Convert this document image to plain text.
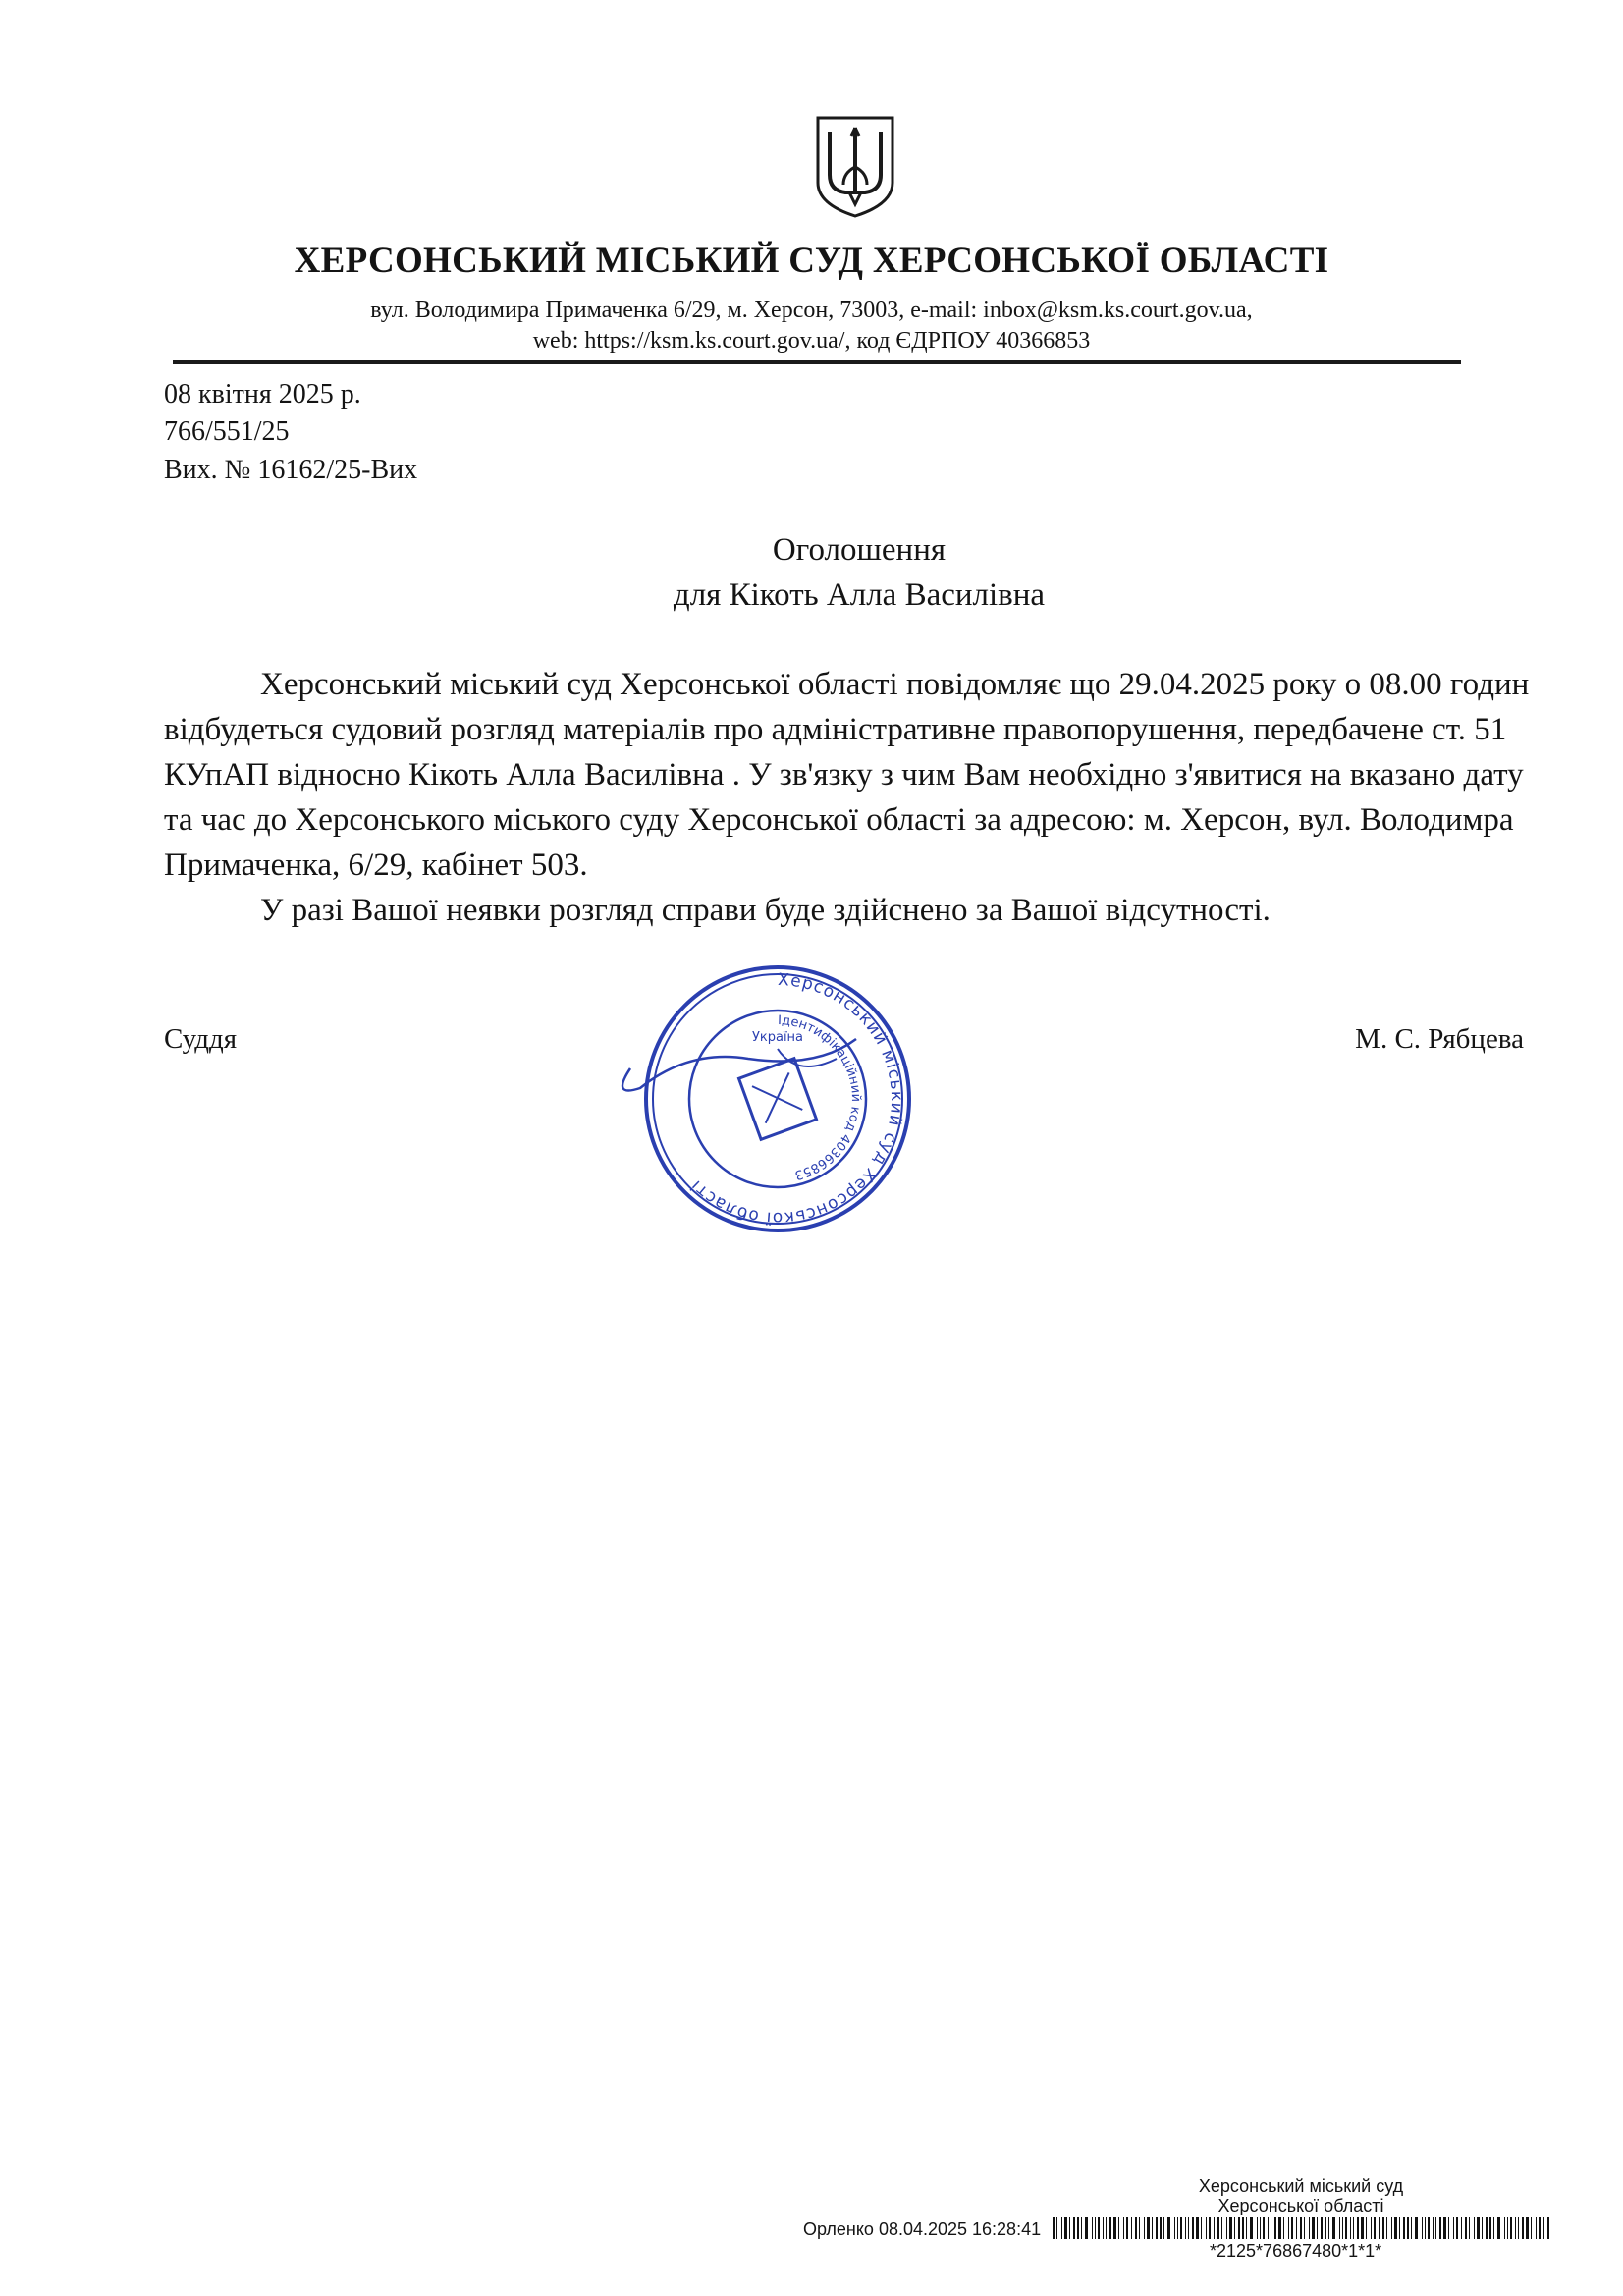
ХЕРСОНСЬКИЙ МІСЬКИЙ СУД ХЕРСОНСЬКОЇ ОБЛАСТІ
вул. Володимира Примаченка 6/29, м. Херсон, 73003, e-mail: inbox@ksm.ks.court.gov.ua,
web: https://ksm.ks.court.gov.ua/, код ЄДРПОУ 40366853
08 квітня 2025 р.
766/551/25
Вих. № 16162/25-Вих
Оголошення
для Кікоть Алла Василівна

Херсонський міський суд Херсонської області повідомляє що 29.04.2025 року о 08.00 годин відбудеться судовий розгляд матеріалів про адміністративне правопорушення, передбачене ст. 51 КУпАП відносно Кікоть Алла Василівна . У зв'язку з чим Вам необхідно з'явитися на вказано дату та час до Херсонського міського суду Херсонської області за адресою: м. Херсон, вул. Володимра Примаченка, 6/29, кабінет 503.

У разі Вашої неявки розгляд справи буде здійснено за Вашої відсутності.

Суддя	М. С. Рябцева
Херсонський міський суд Херсонської області
Ідентифікаційний код 40366853
Україна
Херсонський міський суд
Херсонської області
Орленко 08.04.2025 16:28:41
*2125*76867480*1*1*
